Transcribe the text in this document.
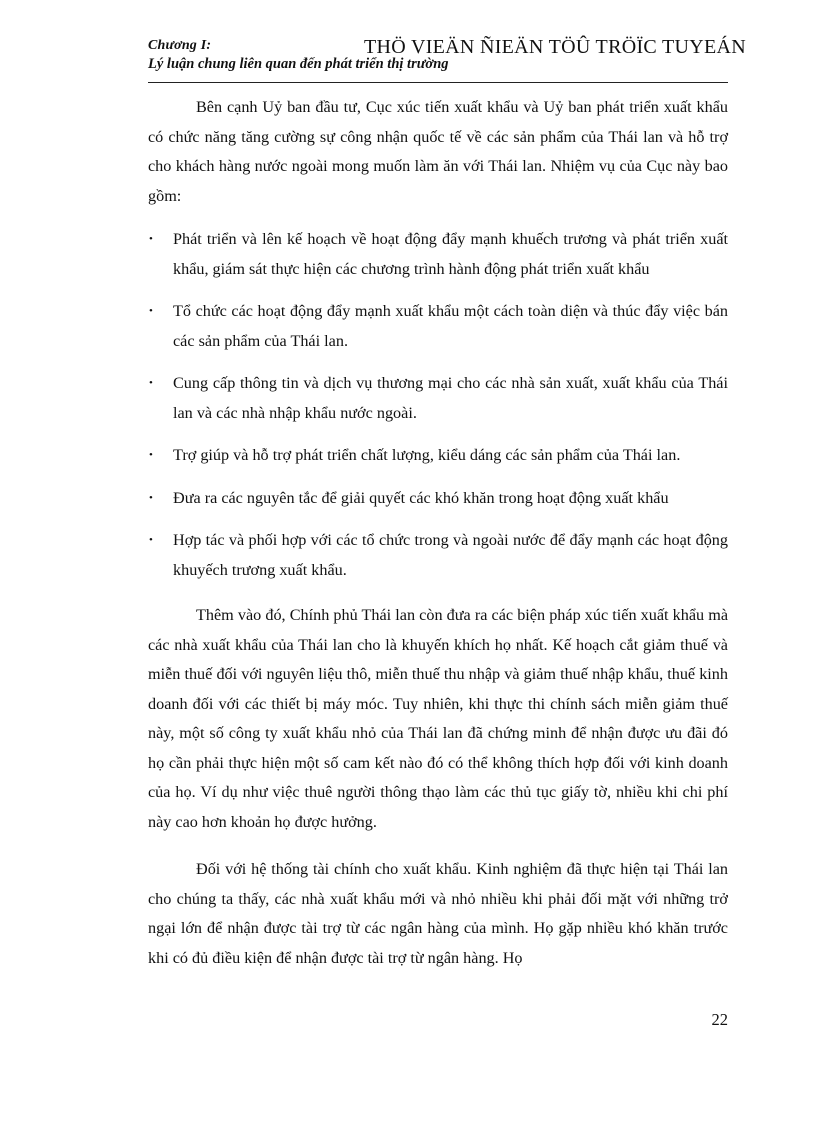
Chương I:
Lý luận chung liên quan đến phát triển thị trường
THÖ VIEÄN ÑIEÄN TÖÛ TRÖÏC TUYEÁN

Bên cạnh Uỷ ban đầu tư, Cục xúc tiến xuất khẩu và Uỷ ban phát triển xuất khẩu có chức năng tăng cường sự công nhận quốc tế về các sản phẩm của Thái lan và hỗ trợ cho khách hàng nước ngoài mong muốn làm ăn với Thái lan. Nhiệm vụ của Cục này bao gồm:

• Phát triển và lên kế hoạch về hoạt động đẩy mạnh khuếch trương và phát triển xuất khẩu, giám sát thực hiện các chương trình hành động phát triển xuất khẩu
• Tổ chức các hoạt động đẩy mạnh xuất khẩu một cách toàn diện và thúc đẩy việc bán các sản phẩm của Thái lan.
• Cung cấp thông tin và dịch vụ thương mại cho các nhà sản xuất, xuất khẩu của Thái lan và các nhà nhập khẩu nước ngoài.
• Trợ giúp và hỗ trợ phát triển chất lượng, kiểu dáng các sản phẩm của Thái lan.
• Đưa ra các nguyên tắc để giải quyết các khó khăn trong hoạt động xuất khẩu
• Hợp tác và phối hợp với các tổ chức trong và ngoài nước để đẩy mạnh các hoạt động khuyếch trương xuất khẩu.

Thêm vào đó, Chính phủ Thái lan còn đưa ra các biện pháp xúc tiến xuất khẩu mà các nhà xuất khẩu của Thái lan cho là khuyến khích họ nhất. Kế hoạch cắt giảm thuế và miễn thuế đối với nguyên liệu thô, miễn thuế thu nhập và giảm thuế nhập khẩu, thuế kinh doanh đối với các thiết bị máy móc. Tuy nhiên, khi thực thi chính sách miễn giảm thuế này, một số công ty xuất khẩu nhỏ của Thái lan đã chứng minh để nhận được ưu đãi đó họ cần phải thực hiện một số cam kết nào đó có thể không thích hợp đối với kinh doanh của họ. Ví dụ như việc thuê người thông thạo làm các thủ tục giấy tờ, nhiều khi chi phí này cao hơn khoản họ được hưởng.

Đối với hệ thống tài chính cho xuất khẩu. Kinh nghiệm đã thực hiện tại Thái lan cho chúng ta thấy, các nhà xuất khẩu mới và nhỏ nhiều khi phải đối mặt với những trở ngại lớn để nhận được tài trợ từ các ngân hàng của mình. Họ gặp nhiều khó khăn trước khi có đủ điều kiện để nhận được tài trợ từ ngân hàng. Họ

22
